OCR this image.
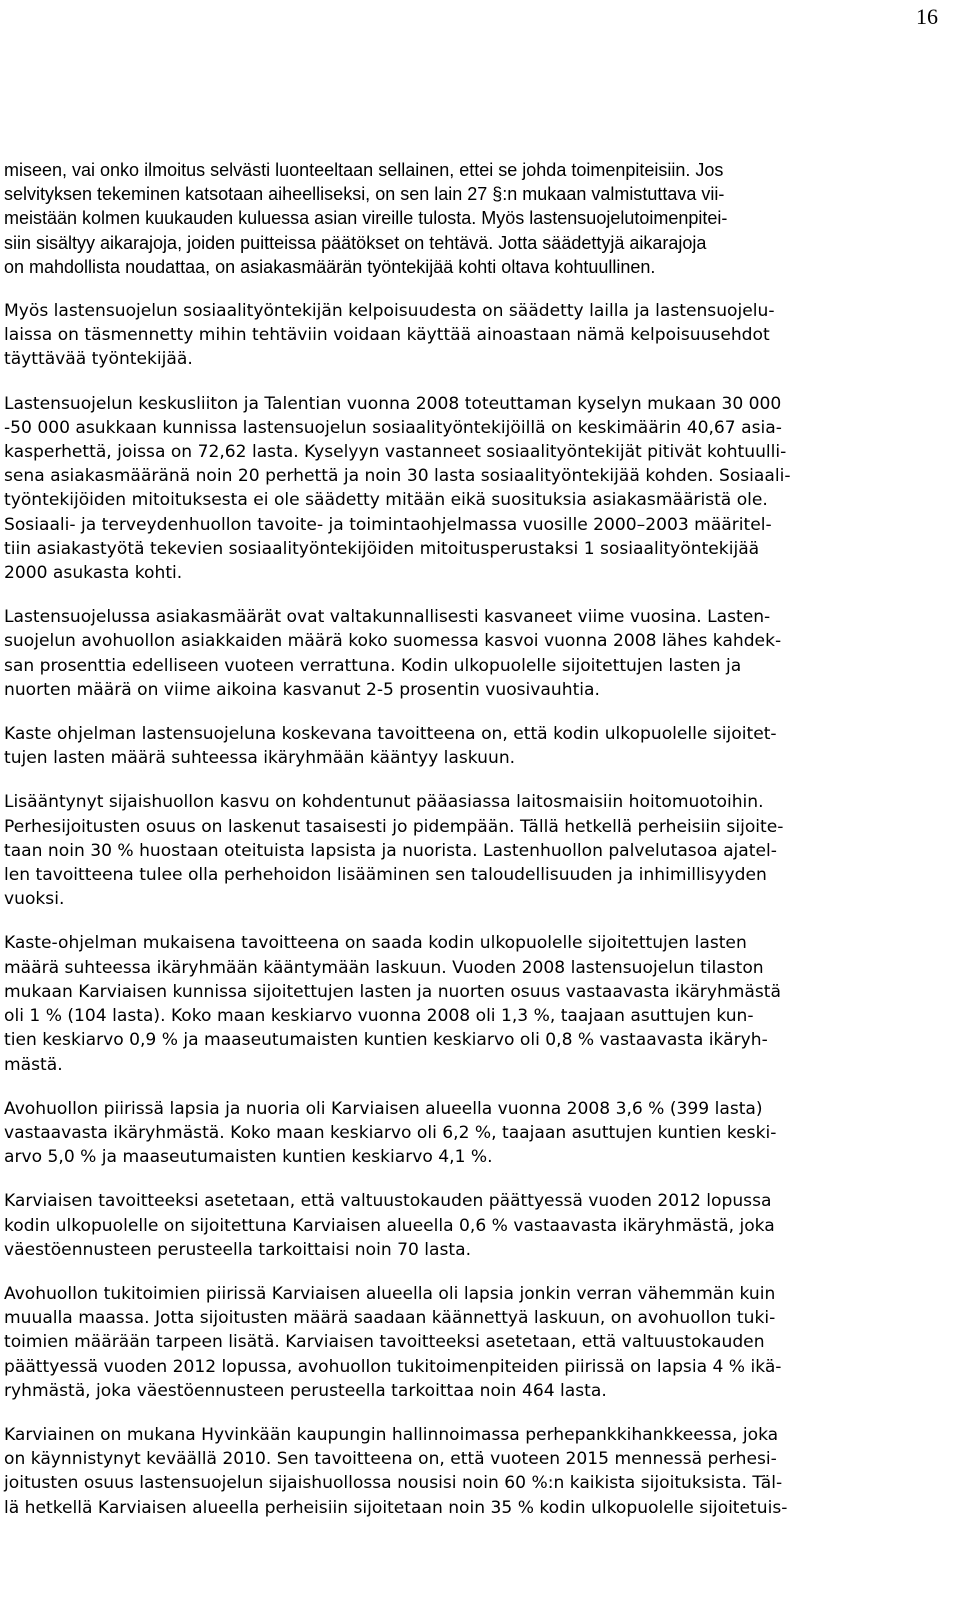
16

miseen, vai onko ilmoitus selvästi luonteeltaan sellainen, ettei se johda toimenpiteisiin. Jos
selvityksen tekeminen katsotaan aiheelliseksi, on sen lain 27 §:n mukaan valmistuttava vii-
meistään kolmen kuukauden kuluessa asian vireille tulosta. Myös lastensuojelutoimenpitei-
siin sisältyy aikarajoja, joiden puitteissa päätökset on tehtävä. Jotta säädettyjä aikarajoja
on mahdollista noudattaa, on asiakasmäärän työntekijää kohti oltava kohtuullinen.

Myös lastensuojelun sosiaalityöntekijän kelpoisuudesta on säädetty lailla ja lastensuojelu-
laissa on täsmennetty mihin tehtäviin voidaan käyttää ainoastaan nämä kelpoisuusehdot
täyttävää työntekijää.

Lastensuojelun keskusliiton ja Talentian vuonna 2008 toteuttaman kyselyn mukaan 30 000
-50 000 asukkaan kunnissa lastensuojelun sosiaalityöntekijöillä on keskimäärin 40,67 asia-
kasperhettä, joissa on 72,62 lasta. Kyselyyn vastanneet sosiaalityöntekijät pitivät kohtuulli-
sena asiakasmääränä noin 20 perhettä ja noin 30 lasta sosiaalityöntekijää kohden. Sosiaali-
työntekijöiden mitoituksesta ei ole säädetty mitään eikä suosituksia asiakasmääristä ole.
Sosiaali- ja terveydenhuollon tavoite- ja toimintaohjelmassa vuosille 2000–2003 määritel-
tiin asiakastyötä tekevien sosiaalityöntekijöiden mitoitusperustaksi 1 sosiaalityöntekijää
2000 asukasta kohti.

Lastensuojelussa asiakasmäärät ovat valtakunnallisesti kasvaneet viime vuosina. Lasten-
suojelun avohuollon asiakkaiden määrä koko suomessa kasvoi vuonna 2008 lähes kahdek-
san prosenttia edelliseen vuoteen verrattuna. Kodin ulkopuolelle sijoitettujen lasten ja
nuorten määrä on viime aikoina kasvanut 2-5 prosentin vuosivauhtia.

Kaste ohjelman lastensuojeluna koskevana tavoitteena on, että kodin ulkopuolelle sijoitet-
tujen lasten määrä suhteessa ikäryhmään kääntyy laskuun.

Lisääntynyt sijaishuollon kasvu on kohdentunut pääasiassa laitosmaisiin hoitomuotoihin.
Perhesijoitusten osuus on laskenut tasaisesti jo pidempään. Tällä hetkellä perheisiin sijoite-
taan noin 30 % huostaan oteituista lapsista ja nuorista. Lastenhuollon palvelutasoa ajatel-
len tavoitteena tulee olla perhehoidon lisääminen sen taloudellisuuden ja inhimillisyyden
vuoksi.

Kaste-ohjelman mukaisena tavoitteena on saada kodin ulkopuolelle sijoitettujen lasten
määrä suhteessa ikäryhmään kääntymään laskuun. Vuoden 2008 lastensuojelun tilaston
mukaan Karviaisen kunnissa sijoitettujen lasten ja nuorten osuus vastaavasta ikäryhmästä
oli 1 % (104 lasta). Koko maan keskiarvo vuonna 2008 oli 1,3 %, taajaan asuttujen kun-
tien keskiarvo 0,9 % ja maaseutumaisten kuntien keskiarvo oli 0,8 % vastaavasta ikäryh-
mästä.

Avohuollon piirissä lapsia ja nuoria oli Karviaisen alueella vuonna 2008 3,6 % (399 lasta)
vastaavasta ikäryhmästä. Koko maan keskiarvo oli 6,2 %, taajaan asuttujen kuntien keski-
arvo 5,0 % ja maaseutumaisten kuntien keskiarvo 4,1 %.

Karviaisen tavoitteeksi asetetaan, että valtuustokauden päättyessä vuoden 2012 lopussa
kodin ulkopuolelle on sijoitettuna Karviaisen alueella 0,6 % vastaavasta ikäryhmästä, joka
väestöennusteen perusteella tarkoittaisi noin 70 lasta.

Avohuollon tukitoimien piirissä Karviaisen alueella oli lapsia jonkin verran vähemmän kuin
muualla maassa. Jotta sijoitusten määrä saadaan käännettyä laskuun, on avohuollon tuki-
toimien määrään tarpeen lisätä. Karviaisen tavoitteeksi asetetaan, että valtuustokauden
päättyessä vuoden 2012 lopussa, avohuollon tukitoimenpiteiden piirissä on lapsia 4 % ikä-
ryhmästä, joka väestöennusteen perusteella tarkoittaa noin 464 lasta.

Karviainen on mukana Hyvinkään kaupungin hallinnoimassa perhepankkihankkeessa, joka
on käynnistynyt keväällä 2010. Sen tavoitteena on, että vuoteen 2015 mennessä perhesi-
joitusten osuus lastensuojelun sijaishuollossa nousisi noin 60 %:n kaikista sijoituksista. Täl-
lä hetkellä Karviaisen alueella perheisiin sijoitetaan noin 35 % kodin ulkopuolelle sijoitetuis-
